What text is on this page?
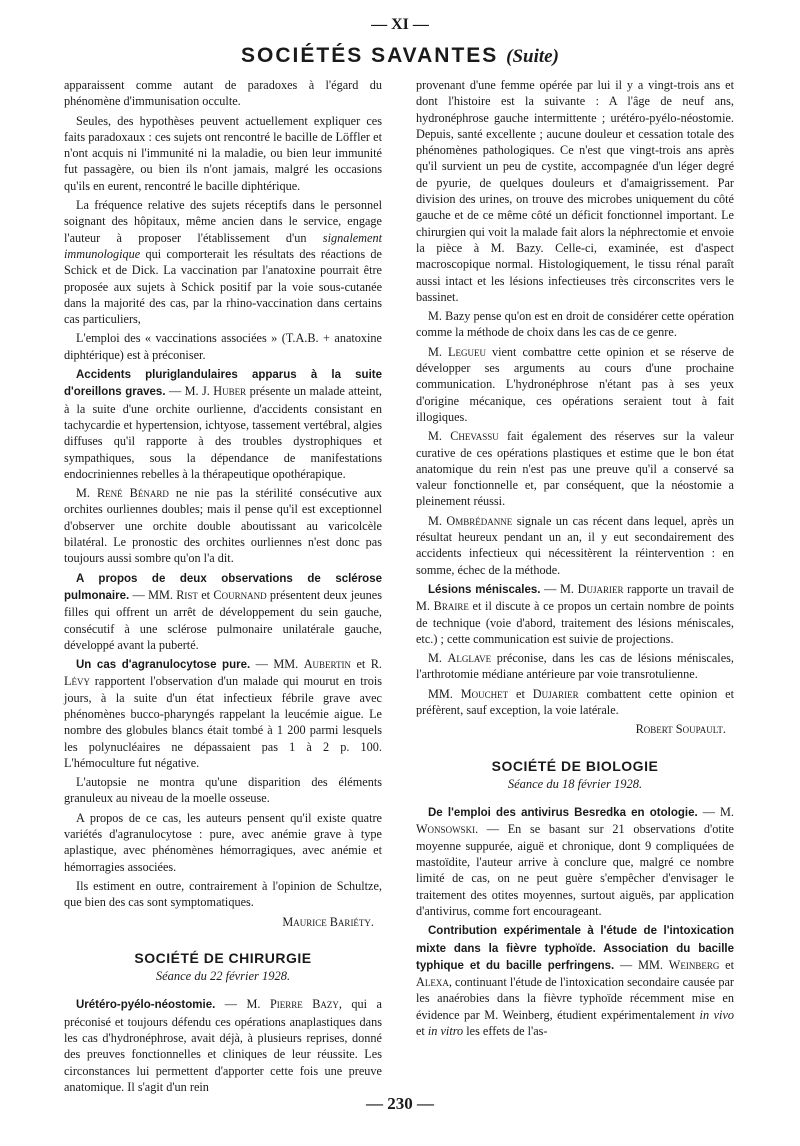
— XI —
SOCIÉTÉS SAVANTES (Suite)

apparaissent comme autant de paradoxes à l'égard du phénomène d'immunisation occulte.

Seules, des hypothèses peuvent actuellement expliquer ces faits paradoxaux : ces sujets ont rencontré le bacille de Löffler et n'ont acquis ni l'immunité ni la maladie, ou bien leur immunité fut passagère, ou bien ils n'ont jamais, malgré les occasions qu'ils en eurent, rencontré le bacille diphtérique.

La fréquence relative des sujets réceptifs dans le personnel soignant des hôpitaux, même ancien dans le service, engage l'auteur à proposer l'établissement d'un signalement immunologique qui comporterait les résultats des réactions de Schick et de Dick. La vaccination par l'anatoxine pourrait être proposée aux sujets à Schick positif par la voie sous-cutanée dans la majorité des cas, par la rhino-vaccination dans certains cas particuliers,

L'emploi des « vaccinations associées » (T.A.B. + anatoxine diphtérique) est à préconiser.

Accidents pluriglandulaires apparus à la suite d'oreillons graves. — M. J. Huber présente un malade atteint, à la suite d'une orchite ourlienne, d'accidents consistant en tachycardie et hypertension, ichtyose, tassement vertébral, algies diffuses qu'il rapporte à des troubles dystrophiques et sympathiques, sous la dépendance de manifestations endocriniennes rebelles à la thérapeutique opothérapique.

M. René Bénard ne nie pas la stérilité consécutive aux orchites ourliennes doubles; mais il pense qu'il est exceptionnel d'observer une orchite double aboutissant au varicolcèle bilatéral. Le pronostic des orchites ourliennes n'est donc pas toujours aussi sombre qu'on l'a dit.

A propos de deux observations de sclérose pulmonaire. — MM. Rist et Cournand présentent deux jeunes filles qui offrent un arrêt de développement du sein gauche, consécutif à une sclérose pulmonaire unilatérale gauche, développé avant la puberté.

Un cas d'agranulocytose pure. — MM. Aubertin et R. Lévy rapportent l'observation d'un malade qui mourut en trois jours, à la suite d'un état infectieux fébrile grave avec phénomènes bucco-pharyngés rappelant la leucémie aigue. Le nombre des globules blancs était tombé à 1 200 parmi lesquels les polynucléaires ne dépassaient pas 1 à 2 p. 100. L'hémoculture fut négative.

L'autopsie ne montra qu'une disparition des éléments granuleux au niveau de la moelle osseuse.

A propos de ce cas, les auteurs pensent qu'il existe quatre variétés d'agranulocytose : pure, avec anémie grave à type aplastique, avec phénomènes hémorragiques, avec anémie et hémorragies associées.

Ils estiment en outre, contrairement à l'opinion de Schultze, que bien des cas sont symptomatiques.

Maurice Bariéty.

SOCIÉTÉ DE CHIRURGIE
Séance du 22 février 1928.

Urétéro-pyélo-néostomie. — M. Pierre Bazy, qui a préconisé et toujours défendu ces opérations anaplastiques dans les cas d'hydronéphrose, avait déjà, à plusieurs reprises, donné des preuves fonctionnelles et cliniques de leur réussite. Les circonstances lui permettent d'apporter cette fois une preuve anatomique. Il s'agit d'un rein

provenant d'une femme opérée par lui il y a vingt-trois ans et dont l'histoire est la suivante : A l'âge de neuf ans, hydronéphrose gauche intermittente ; urétéro-pyélo-néostomie. Depuis, santé excellente ; aucune douleur et cessation totale des phénomènes pathologiques. Ce n'est que vingt-trois ans après qu'il survient un peu de cystite, accompagnée d'un léger degré de pyurie, de quelques douleurs et d'amaigrissement. Par division des urines, on trouve des microbes uniquement du côté gauche et de ce même côté un déficit fonctionnel important. Le chirurgien qui voit la malade fait alors la néphrectomie et envoie la pièce à M. Bazy. Celle-ci, examinée, est d'aspect macroscopique normal. Histologiquement, le tissu rénal paraît aussi intact et les lésions infectieuses très circonscrites vers le bassinet.

M. Bazy pense qu'on est en droit de considérer cette opération comme la méthode de choix dans les cas de ce genre.

M. Legueu vient combattre cette opinion et se réserve de développer ses arguments au cours d'une prochaine communication. L'hydronéphrose n'étant pas à ses yeux d'origine mécanique, ces opérations seraient tout à fait illogiques.

M. Chevassu fait également des réserves sur la valeur curative de ces opérations plastiques et estime que le bon état anatomique du rein n'est pas une preuve qu'il a conservé sa valeur fonctionnelle et, par conséquent, que la néostomie a pleinement réussi.

M. Ombrédanne signale un cas récent dans lequel, après un résultat heureux pendant un an, il y eut secondairement des accidents infectieux qui nécessitèrent la réintervention : en somme, échec de la méthode.

Lésions méniscales. — M. Dujarier rapporte un travail de M. Braire et il discute à ce propos un certain nombre de points de technique (voie d'abord, traitement des lésions méniscales, etc.) ; cette communication est suivie de projections.

M. Alglave préconise, dans les cas de lésions méniscales, l'arthrotomie médiane antérieure par voie transrotulienne.

MM. Mouchet et Dujarier combattent cette opinion et préfèrent, sauf exception, la voie latérale.

Robert Soupault.

SOCIÉTÉ DE BIOLOGIE
Séance du 18 février 1928.

De l'emploi des antivirus Besredka en otologie. — M. Wonsowski. — En se basant sur 21 observations d'otite moyenne suppurée, aiguë et chronique, dont 9 compliquées de mastoïdite, l'auteur arrive à conclure que, malgré ce nombre limité de cas, on ne peut guère s'empêcher d'envisager le traitement des otites moyennes, surtout aiguës, par application d'antivirus, comme fort encourageant.

Contribution expérimentale à l'étude de l'intoxication mixte dans la fièvre typhoïde. Association du bacille typhique et du bacille perfringens. — MM. Weinberg et Alexa, continuant l'étude de l'intoxication secondaire causée par les anaérobies dans la fièvre typhoïde récemment mise en évidence par M. Weinberg, étudient expérimentalement in vivo et in vitro les effets de l'as-

— 230 —
